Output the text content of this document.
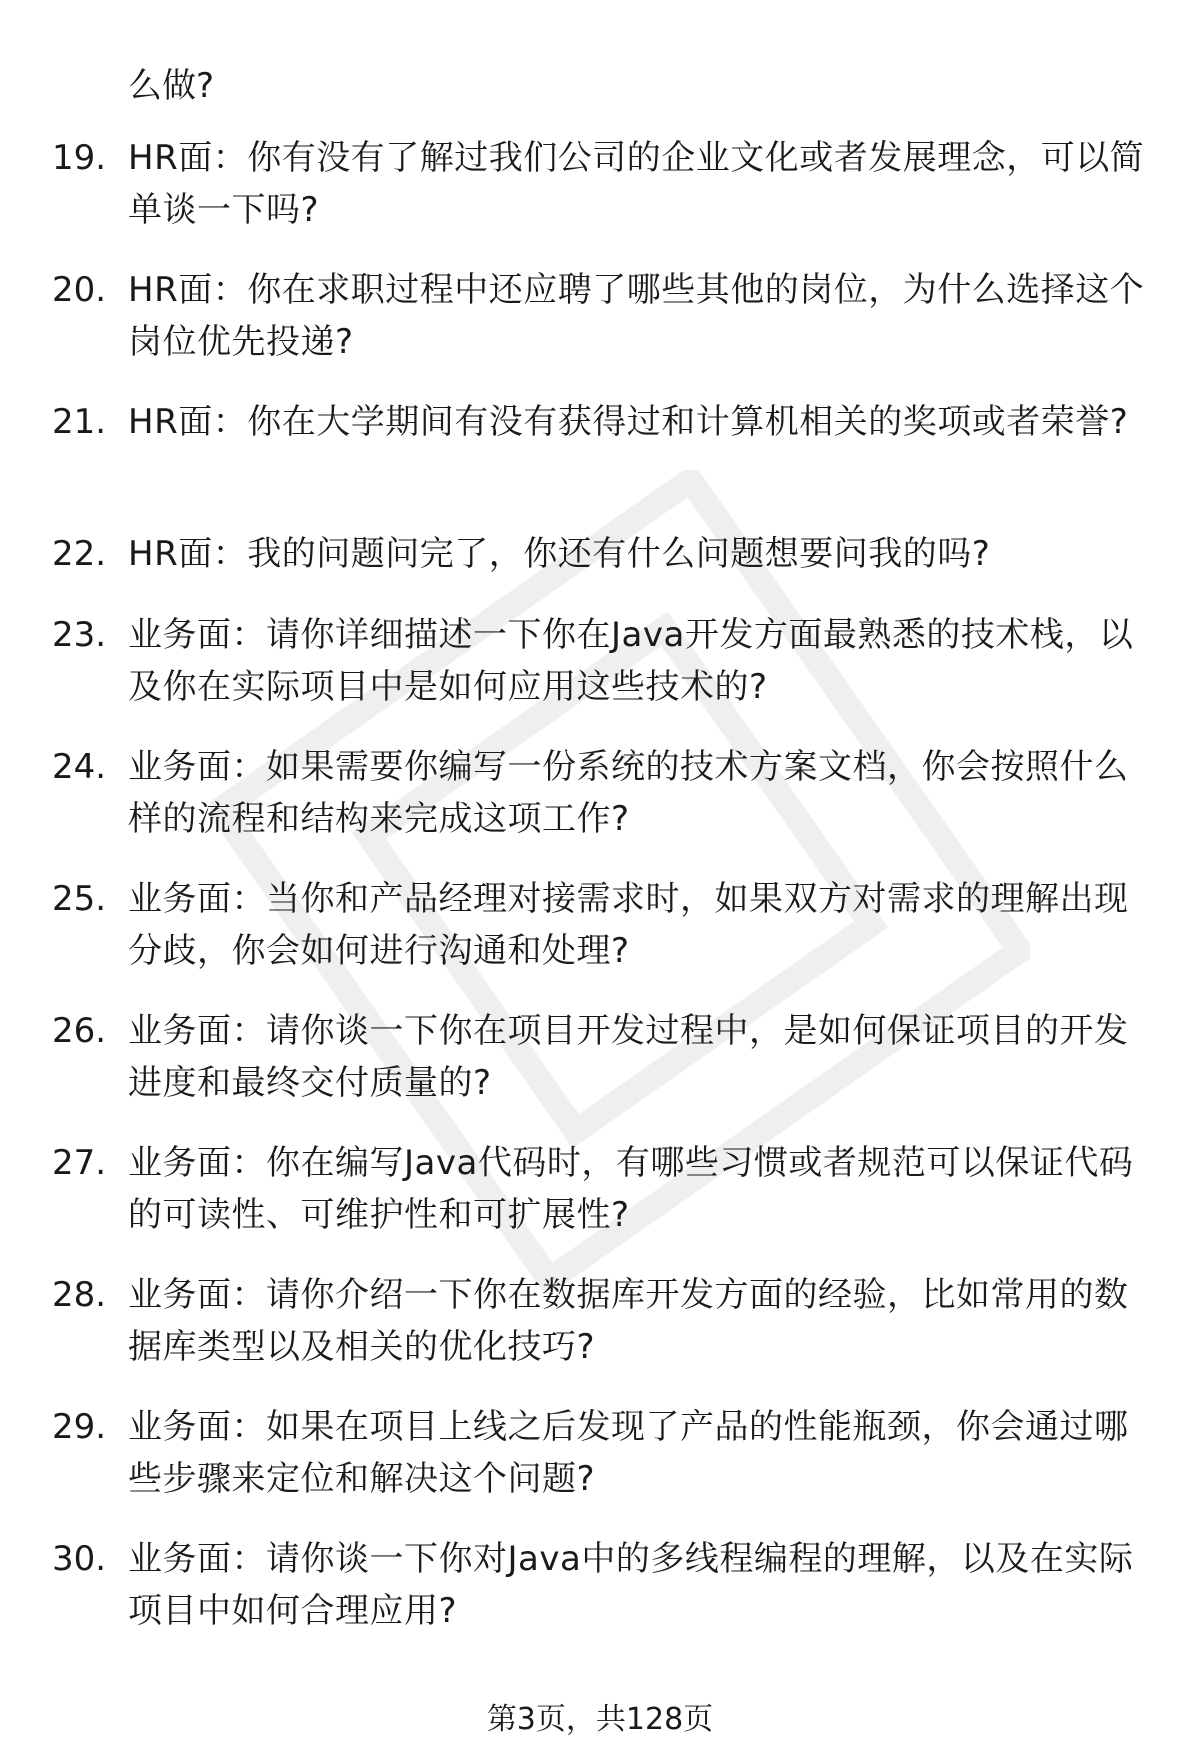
么做?

19. HR面：你有没有了解过我们公司的企业文化或者发展理念，可以简单谈一下吗?
20. HR面：你在求职过程中还应聘了哪些其他的岗位，为什么选择这个岗位优先投递?
21. HR面：你在大学期间有没有获得过和计算机相关的奖项或者荣誉?
22. HR面：我的问题问完了，你还有什么问题想要问我的吗?
23. 业务面：请你详细描述一下你在Java开发方面最熟悉的技术栈，以及你在实际项目中是如何应用这些技术的?
24. 业务面：如果需要你编写一份系统的技术方案文档，你会按照什么样的流程和结构来完成这项工作?
25. 业务面：当你和产品经理对接需求时，如果双方对需求的理解出现分歧，你会如何进行沟通和处理?
26. 业务面：请你谈一下你在项目开发过程中，是如何保证项目的开发进度和最终交付质量的?
27. 业务面：你在编写Java代码时，有哪些习惯或者规范可以保证代码的可读性、可维护性和可扩展性?
28. 业务面：请你介绍一下你在数据库开发方面的经验，比如常用的数据库类型以及相关的优化技巧?
29. 业务面：如果在项目上线之后发现了产品的性能瓶颈，你会通过哪些步骤来定位和解决这个问题?
30. 业务面：请你谈一下你对Java中的多线程编程的理解，以及在实际项目中如何合理应用?

第3页，共128页
